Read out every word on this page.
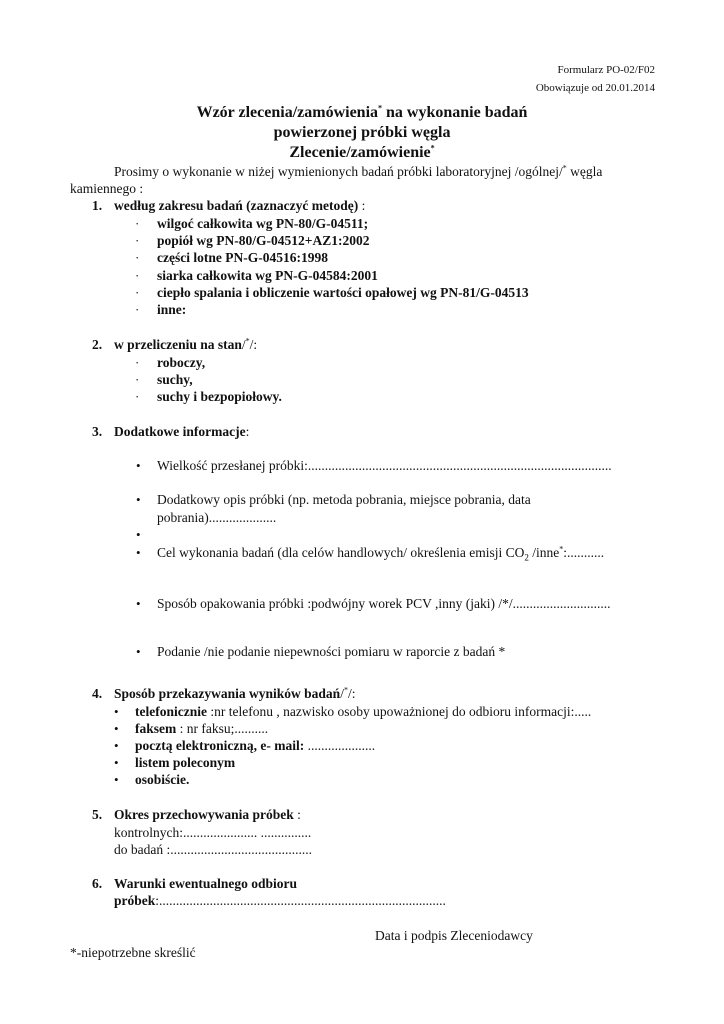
Formularz PO-02/F02
Obowiązuje od 20.01.2014
Wzór zlecenia/zamówienia* na wykonanie badań
powierzonej próbki węgla
Zlecenie/zamówienie*
Prosimy o wykonanie w niżej wymienionych badań próbki laboratoryjnej /ogólnej/* węgla
kamiennego :
1. według zakresu badań (zaznaczyć metodę) :
· wilgoć całkowita wg PN-80/G-04511;
· popiół wg PN-80/G-04512+AZ1:2002
· części lotne PN-G-04516:1998
· siarka całkowita wg PN-G-04584:2001
· ciepło spalania i obliczenie wartości opałowej wg PN-81/G-04513
· inne:
2. w przeliczeniu na stan/*/:
· roboczy,
· suchy,
· suchy i bezpopiołowy.
3. Dodatkowe informacje:
• Wielkość przesłanej próbki:..........................................................................................
• Dodatkowy opis próbki (np. metoda pobrania, miejsce pobrania, data
pobrania)....................
•
• Cel wykonania badań (dla celów handlowych/ określenia emisji $CO_2$ /inne*:...........
• Sposób opakowania próbki :podwójny worek PCV ,inny (jaki) /*/.............................
• Podanie /nie podanie niepewności pomiaru w raporcie z badań *
4. Sposób przekazywania wyników badań/*/:
• telefonicznie :nr telefonu , nazwisko osoby upoważnionej do odbioru informacji:.....
• faksem : nr faksu;..........
• pocztą elektroniczną, e- mail: ....................
• listem poleconym
• osobiście.
5. Okres przechowywania próbek :
kontrolnych:...................... ...............
do badań :..........................................
6. Warunki ewentualnego odbioru
próbek:.....................................................................................
Data i podpis Zleceniodawcy
*-niepotrzebne skreślić
